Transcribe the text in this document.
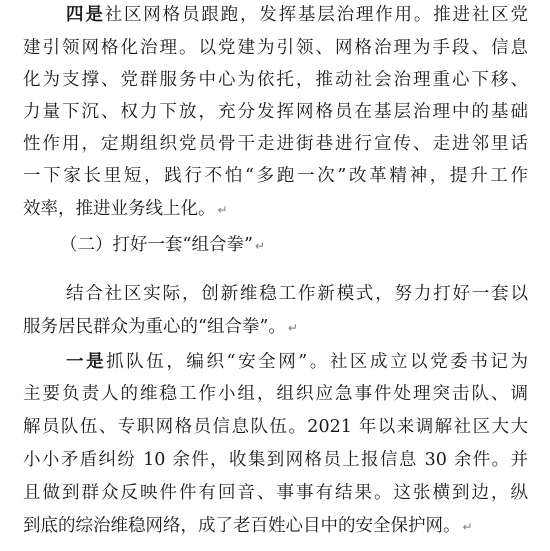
四是社区网格员跟跑，发挥基层治理作用。推进社区党
建引领网格化治理。以党建为引领、网格治理为手段、信息
化为支撑、党群服务中心为依托，推动社会治理重心下移、
力量下沉、权力下放，充分发挥网格员在基层治理中的基础
性作用，定期组织党员骨干走进街巷进行宣传、走进邻里话
一下家长里短，践行不怕“多跑一次”改革精神，提升工作
效率，推进业务线上化。 ↵
（二）打好一套“组合拳” ↵
结合社区实际，创新维稳工作新模式，努力打好一套以
服务居民群众为重心的“组合拳”。 ↵
一是抓队伍，编织“安全网”。社区成立以党委书记为
主要负责人的维稳工作小组，组织应急事件处理突击队、调
解员队伍、专职网格员信息队伍。2021 年以来调解社区大大
小小矛盾纠纷 10 余件，收集到网格员上报信息 30 余件。并
且做到群众反映件件有回音、事事有结果。这张横到边，纵
到底的综治维稳网络，成了老百姓心目中的安全保护网。 ↵
